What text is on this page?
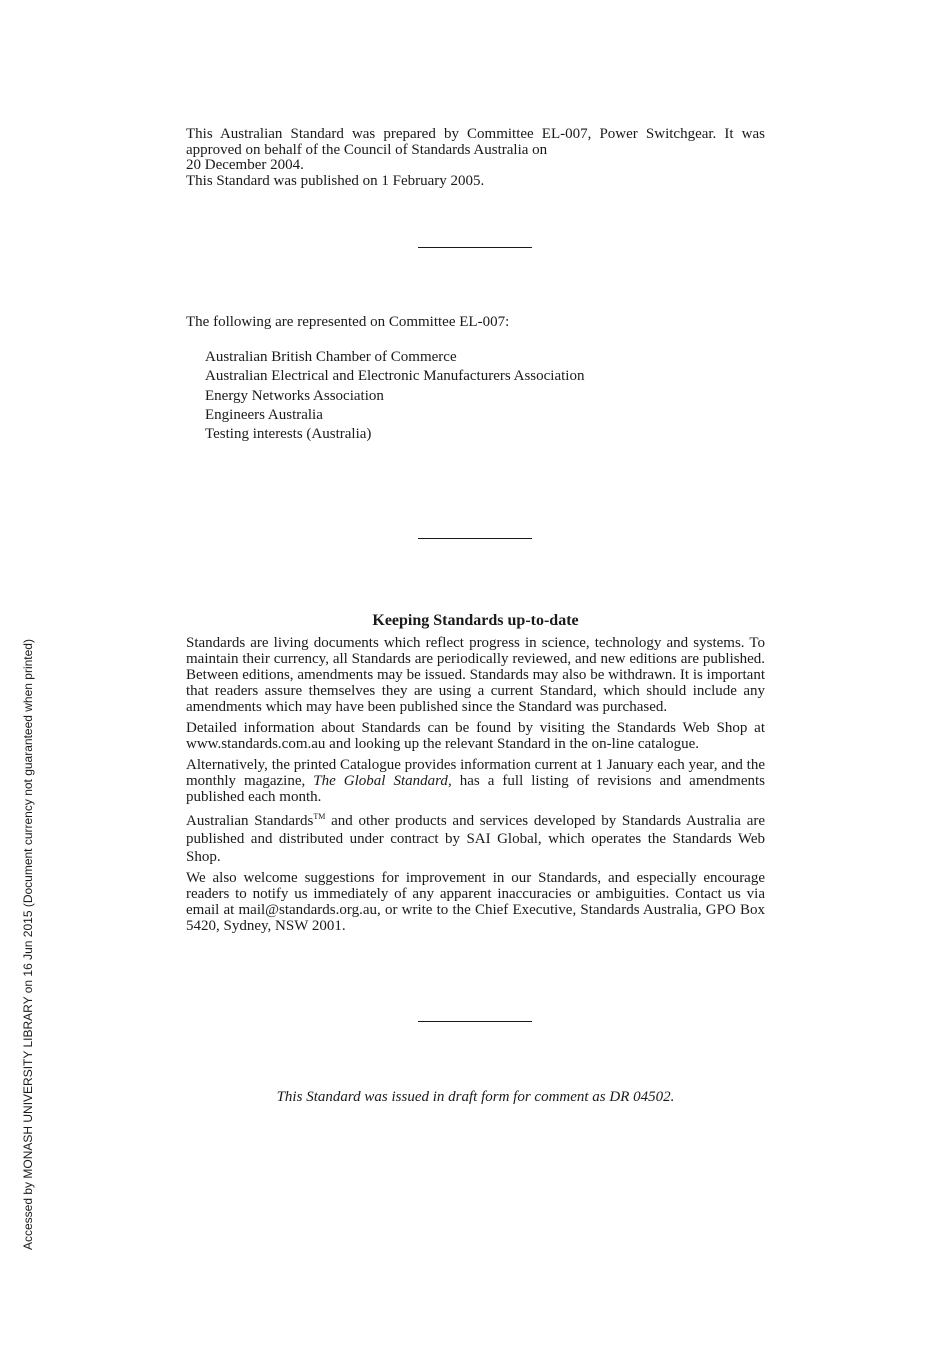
This Australian Standard was prepared by Committee EL-007, Power Switchgear. It was approved on behalf of the Council of Standards Australia on

20 December 2004.

This Standard was published on 1 February 2005.

The following are represented on Committee EL-007:

Australian British Chamber of Commerce
Australian Electrical and Electronic Manufacturers Association
Energy Networks Association
Engineers Australia
Testing interests (Australia)
Keeping Standards up-to-date

Standards are living documents which reflect progress in science, technology and systems. To maintain their currency, all Standards are periodically reviewed, and new editions are published. Between editions, amendments may be issued. Standards may also be withdrawn. It is important that readers assure themselves they are using a current Standard, which should include any amendments which may have been published since the Standard was purchased.

Detailed information about Standards can be found by visiting the Standards Web Shop at www.standards.com.au and looking up the relevant Standard in the on-line catalogue.

Alternatively, the printed Catalogue provides information current at 1 January each year, and the monthly magazine, The Global Standard, has a full listing of revisions and amendments published each month.

Australian Standards™ and other products and services developed by Standards Australia are published and distributed under contract by SAI Global, which operates the Standards Web Shop.

We also welcome suggestions for improvement in our Standards, and especially encourage readers to notify us immediately of any apparent inaccuracies or ambiguities. Contact us via email at mail@standards.org.au, or write to the Chief Executive, Standards Australia, GPO Box 5420, Sydney, NSW 2001.

This Standard was issued in draft form for comment as DR 04502.
Accessed by MONASH UNIVERSITY LIBRARY on 16 Jun 2015 (Document currency not guaranteed when printed)
